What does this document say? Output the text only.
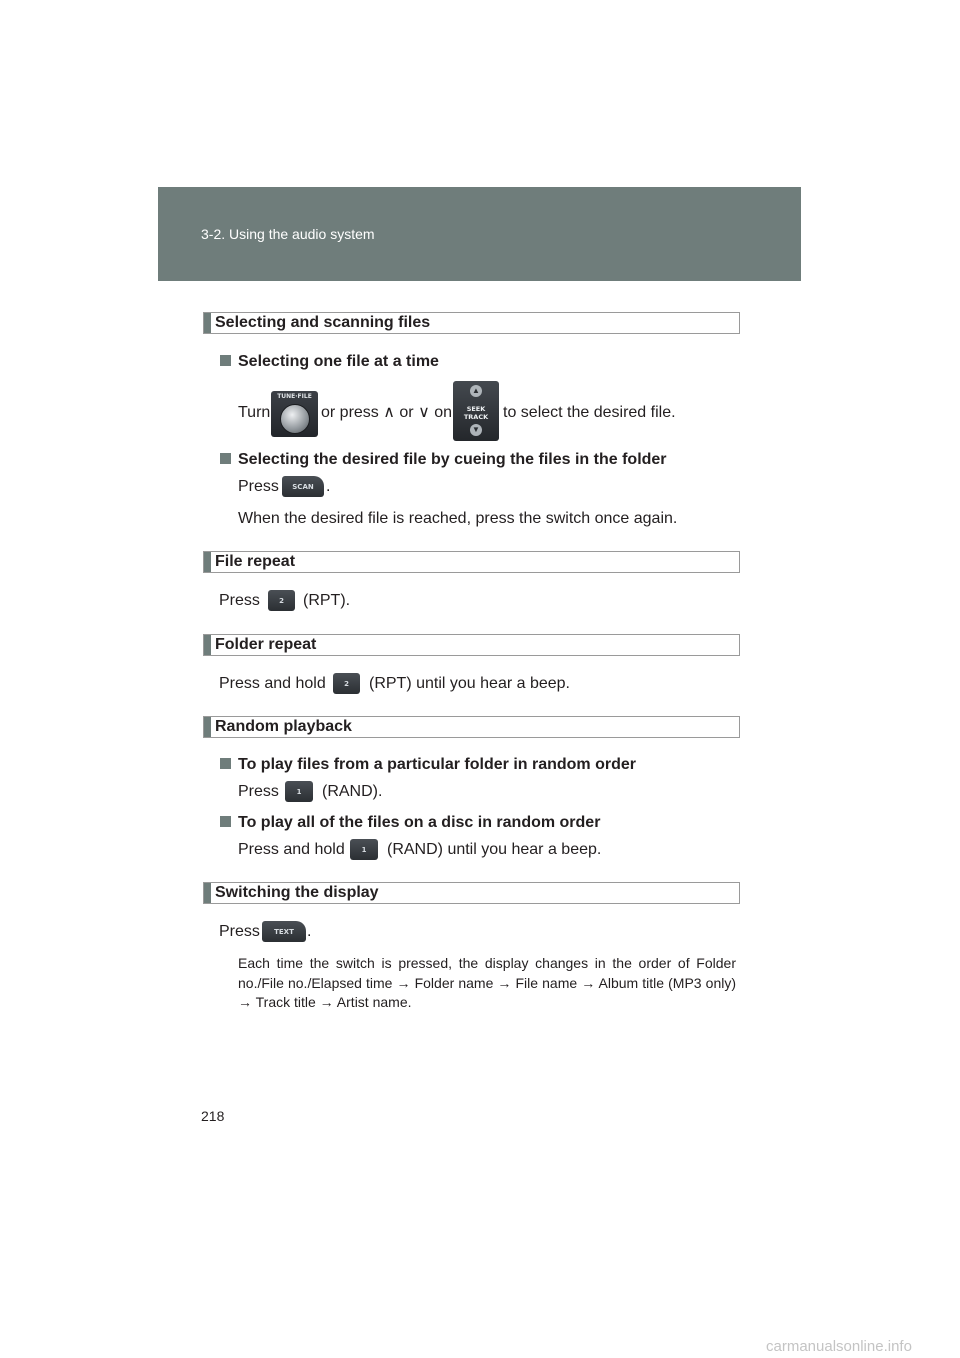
3-2. Using the audio system
Selecting and scanning files
Selecting one file at a time
Turn
TUNE·FILE
or press ∧ or ∨ on
▲
SEEK
TRACK
▼
to select the desired file.
Selecting the desired file by cueing the files in the folder
Press	SCAN .
When the desired file is reached, press the switch once again.
File repeat
Press	2	(RPT).
Folder repeat
Press and hold	2	(RPT) until you hear a beep.
Random playback
To play files from a particular folder in random order
Press	1	(RAND).
To play all of the files on a disc in random order
Press and hold	1	(RAND) until you hear a beep.
Switching the display
Press	TEXT .
Each time the switch is pressed, the display changes in the order of Folder no./File no./Elapsed time → Folder name → File name → Album title (MP3 only) → Track title → Artist name.
218
carmanualsonline.info
